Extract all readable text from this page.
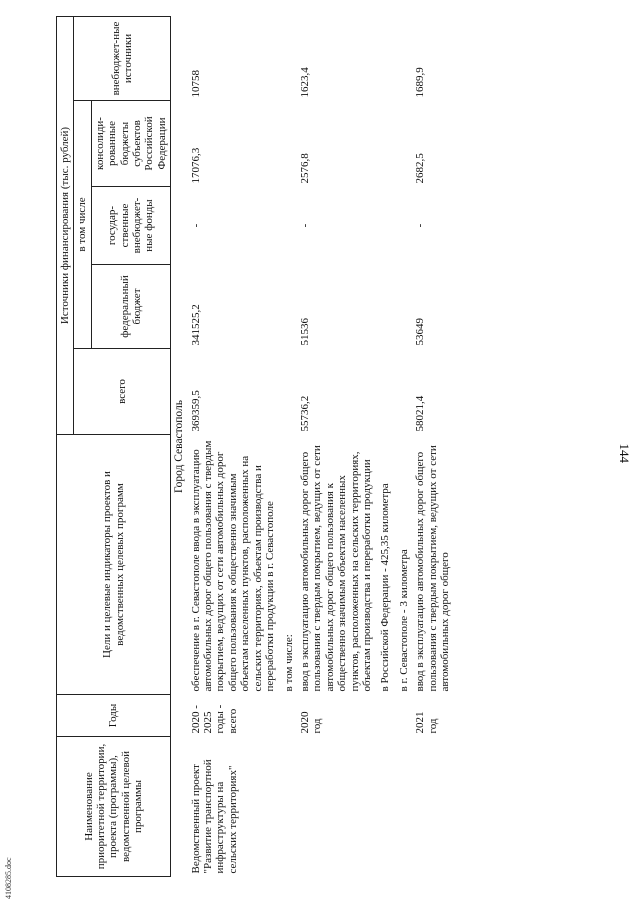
4108285.doc
144
Наименование приоритетной территории, проекта (программы), ведомственной целевой программы	Годы	Цели и целевые индикаторы проектов и ведомственных целевых программ	Источники финансирования (тыс. рублей)				
			всего	в том числе			внебюджет-ные источники
				федеральный бюджет	государ-ственные внебюджет-ные фонды	консолиди-рованные бюджеты субъектов Российской Федерации	
Город Севастополь							
Ведомственный проект "Развитие транспортной инфраструктуры на сельских территориях"	2020 - 2025 годы - всего	обеспечение в г. Севастополе ввода в эксплуатацию автомобильных дорог общего пользования с твердым покрытием, ведущих от сети автомобильных дорог общего пользования к общественно значимым объектам населенных пунктов, расположенных на сельских территориях, объектам производства и переработки продукции в г. Севастополе в том числе:	369359,5	341525,2	-	17076,3	10758
	2020 год	ввод в эксплуатацию автомобильных дорог общего пользования с твердым покрытием, ведущих от сети автомобильных дорог общего пользования к общественно значимым объектам населенных пунктов, расположенных на сельских территориях, объектам производства и переработки продукции в Российской Федерации - 425,35 километра в г. Севастополе - 3 километра	55736,2	51536	-	2576,8	1623,4
	2021 год	ввод в эксплуатацию автомобильных дорог общего пользования с твердым покрытием, ведущих от сети автомобильных дорог общего	58021,4	53649	-	2682,5	1689,9
